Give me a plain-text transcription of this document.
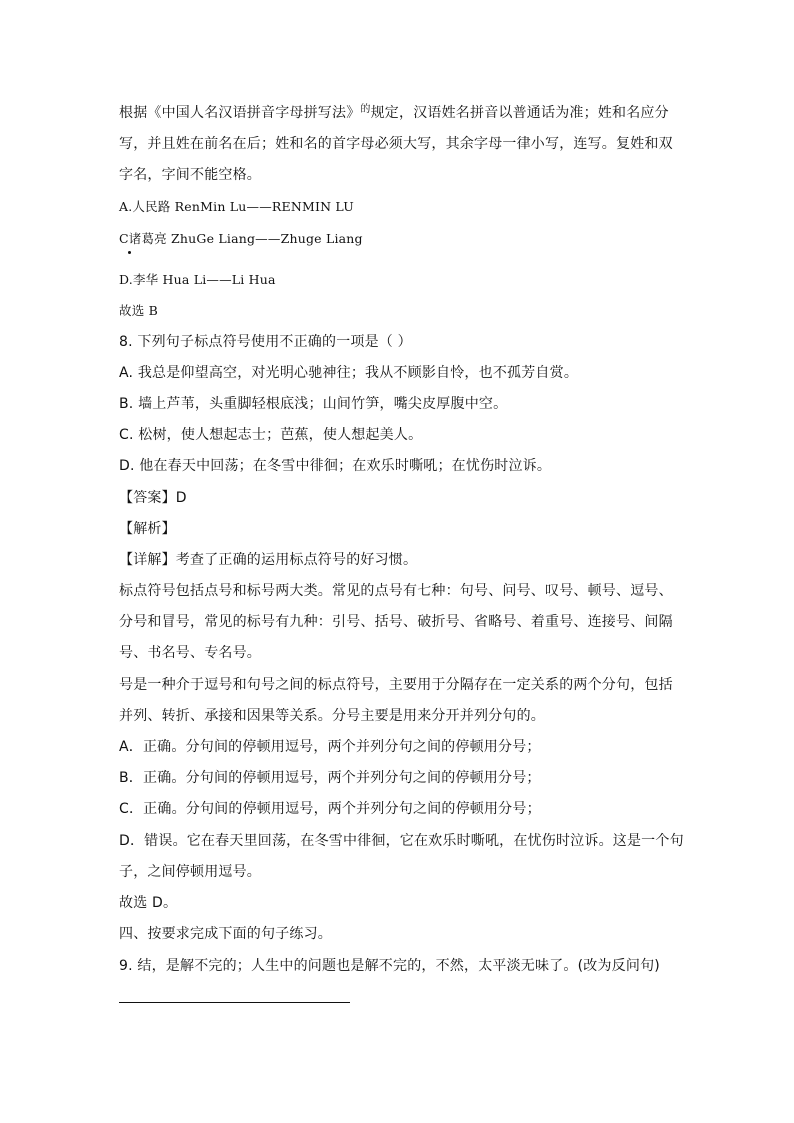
根据《中国人名汉语拼音字母拼写法》$^的$规定，汉语姓名拼音以普通话为准；姓和名应分
写，并且姓在前名在后；姓和名的首字母必须大写，其余字母一律小写，连写。复姓和双
字名，字间不能空格。
A.人民路 RenMin Lu——RENMIN LU
C诸葛亮 ZhuGe Liang——Zhuge Liang
D.李华 Hua Li——Li Hua
故选 B
8. 下列句子标点符号使用不正确的一项是（ ）
A. 我总是仰望高空，对光明心驰神往；我从不顾影自怜，也不孤芳自赏。
B. 墙上芦苇，头重脚轻根底浅；山间竹笋，嘴尖皮厚腹中空。
C. 松树，使人想起志士；芭蕉，使人想起美人。
D. 他在春天中回荡；在冬雪中徘徊；在欢乐时嘶吼；在忧伤时泣诉。
【答案】D
【解析】
【详解】考查了正确的运用标点符号的好习惯。
标点符号包括点号和标号两大类。常见的点号有七种：句号、问号、叹号、顿号、逗号、
分号和冒号，常见的标号有九种：引号、括号、破折号、省略号、着重号、连接号、间隔
号、书名号、专名号。
号是一种介于逗号和句号之间的标点符号，主要用于分隔存在一定关系的两个分句，包括
并列、转折、承接和因果等关系。分号主要是用来分开并列分句的。
A．正确。分句间的停顿用逗号，两个并列分句之间的停顿用分号；
B．正确。分句间的停顿用逗号，两个并列分句之间的停顿用分号；
C．正确。分句间的停顿用逗号，两个并列分句之间的停顿用分号；
D．错误。它在春天里回荡，在冬雪中徘徊，它在欢乐时嘶吼，在忧伤时泣诉。这是一个句
子，之间停顿用逗号。
故选 D。
四、按要求完成下面的句子练习。
9. 结，是解不完的；人生中的问题也是解不完的，不然，太平淡无味了。(改为反问句)
